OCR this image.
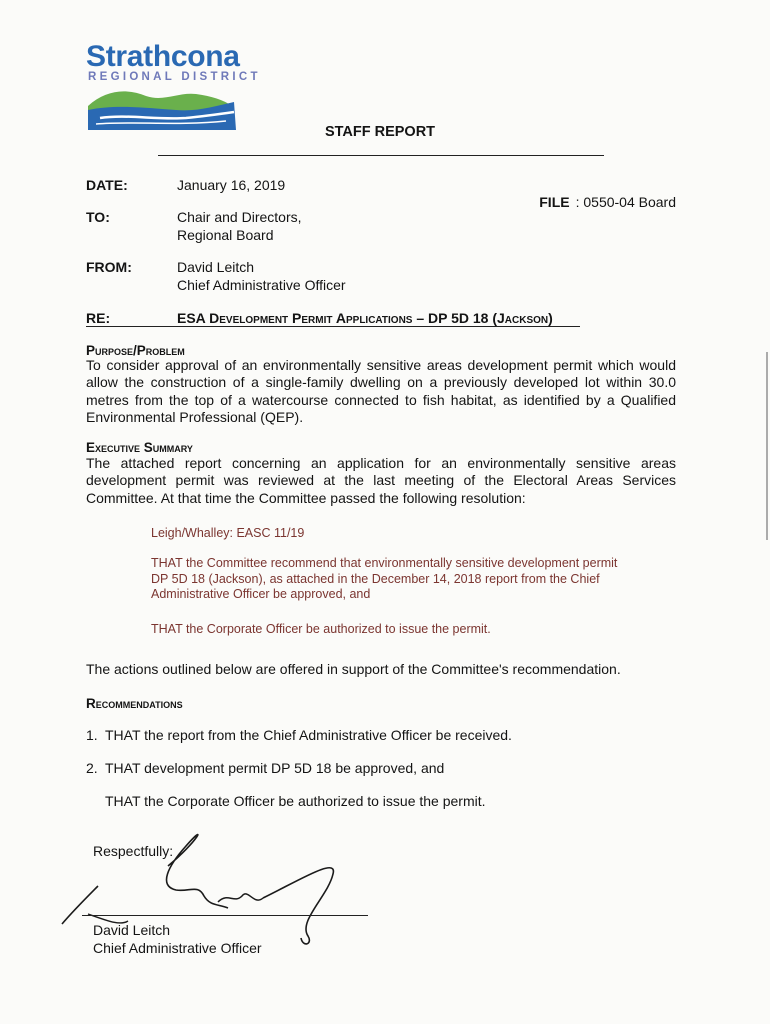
Strathcona
REGIONAL DISTRICT
STAFF REPORT
DATE:	January 16, 2019
FILE : 0550-04 Board
TO:	Chair and Directors,
Regional Board
FROM:	David Leitch
Chief Administrative Officer
RE:	ESA Development Permit Applications – DP 5D 18 (Jackson)
Purpose/Problem
To consider approval of an environmentally sensitive areas development permit which would allow the construction of a single-family dwelling on a previously developed lot within 30.0 metres from the top of a watercourse connected to fish habitat, as identified by a Qualified Environmental Professional (QEP).
Executive Summary
The attached report concerning an application for an environmentally sensitive areas development permit was reviewed at the last meeting of the Electoral Areas Services Committee. At that time the Committee passed the following resolution:
Leigh/Whalley: EASC 11/19
THAT the Committee recommend that environmentally sensitive development permit DP 5D 18 (Jackson), as attached in the December 14, 2018 report from the Chief Administrative Officer be approved, and
THAT the Corporate Officer be authorized to issue the permit.
The actions outlined below are offered in support of the Committee's recommendation.
Recommendations
1. THAT the report from the Chief Administrative Officer be received.
2. THAT development permit DP 5D 18 be approved, and
THAT the Corporate Officer be authorized to issue the permit.
Respectfully:
David Leitch
Chief Administrative Officer
